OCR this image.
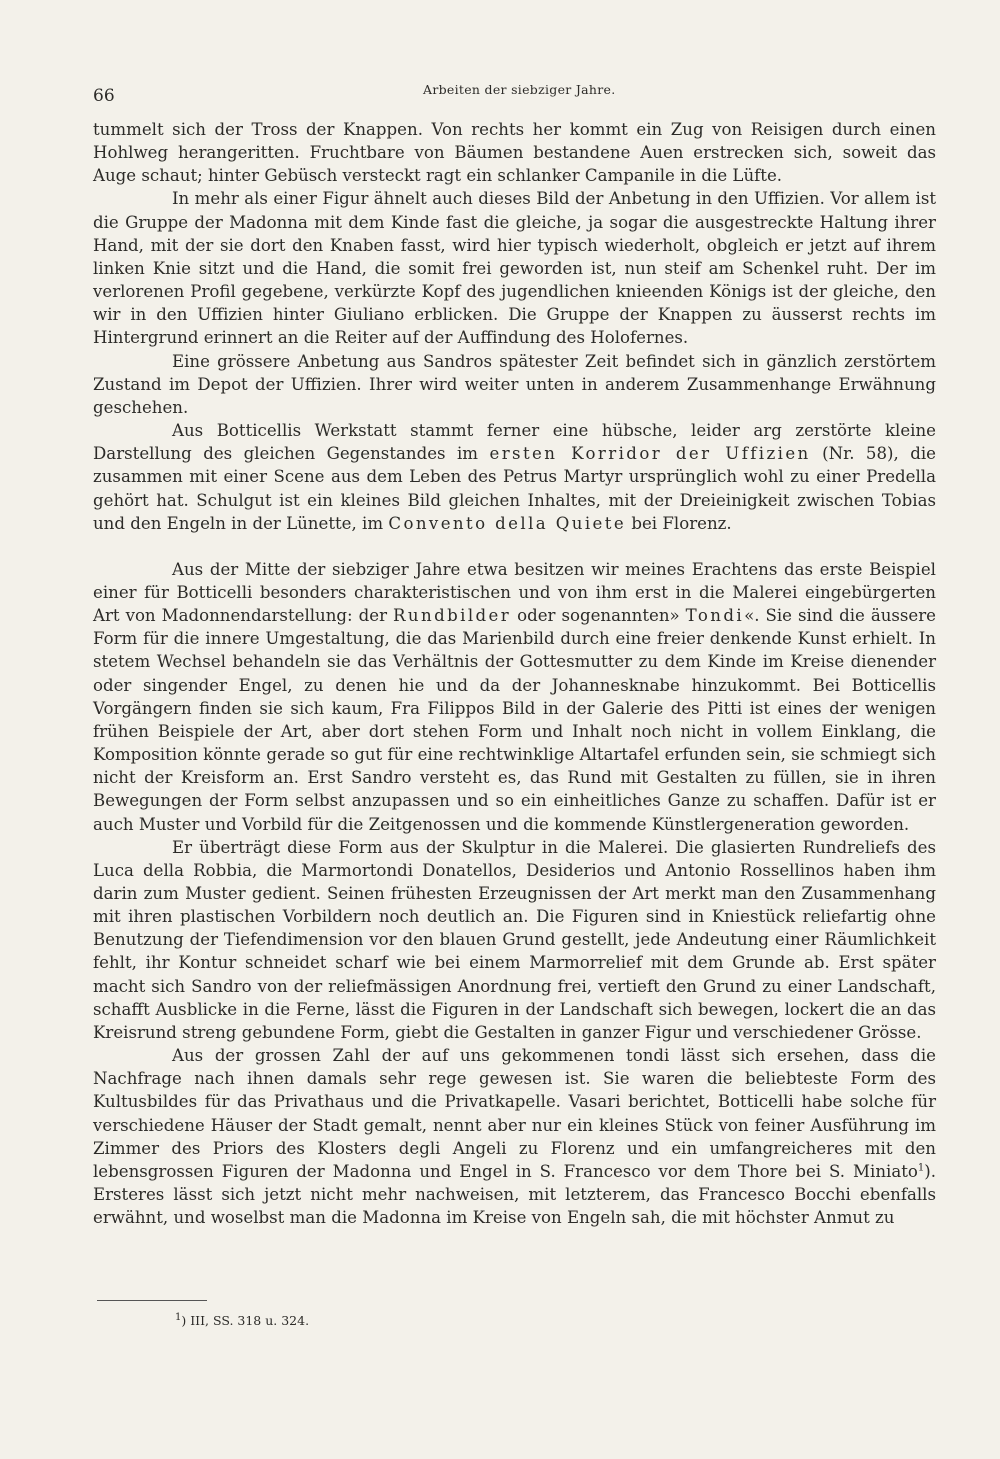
66	Arbeiten der siebziger Jahre.

tummelt sich der Tross der Knappen. Von rechts her kommt ein Zug von Reisigen durch einen Hohlweg herangeritten. Fruchtbare von Bäumen bestandene Auen erstrecken sich, soweit das Auge schaut; hinter Gebüsch versteckt ragt ein schlanker Campanile in die Lüfte.

In mehr als einer Figur ähnelt auch dieses Bild der Anbetung in den Uffizien. Vor allem ist die Gruppe der Madonna mit dem Kinde fast die gleiche, ja sogar die ausgestreckte Haltung ihrer Hand, mit der sie dort den Knaben fasst, wird hier typisch wiederholt, obgleich er jetzt auf ihrem linken Knie sitzt und die Hand, die somit frei geworden ist, nun steif am Schenkel ruht. Der im verlorenen Profil gegebene, verkürzte Kopf des jugendlichen knieenden Königs ist der gleiche, den wir in den Uffizien hinter Giuliano erblicken. Die Gruppe der Knappen zu äusserst rechts im Hintergrund erinnert an die Reiter auf der Auffindung des Holofernes.

Eine grössere Anbetung aus Sandros spätester Zeit befindet sich in gänzlich zerstörtem Zustand im Depot der Uffizien. Ihrer wird weiter unten in anderem Zusammenhange Erwähnung geschehen.

Aus Botticellis Werkstatt stammt ferner eine hübsche, leider arg zerstörte kleine Darstellung des gleichen Gegenstandes im ersten Korridor der Uffizien (Nr. 58), die zusammen mit einer Scene aus dem Leben des Petrus Martyr ursprünglich wohl zu einer Predella gehört hat. Schulgut ist ein kleines Bild gleichen Inhaltes, mit der Dreieinigkeit zwischen Tobias und den Engeln in der Lünette, im Convento della Quiete bei Florenz.

Aus der Mitte der siebziger Jahre etwa besitzen wir meines Erachtens das erste Beispiel einer für Botticelli besonders charakteristischen und von ihm erst in die Malerei eingebürgerten Art von Madonnendarstellung: der Rundbilder oder sogenannten» Tondi«. Sie sind die äussere Form für die innere Umgestaltung, die das Marienbild durch eine freier denkende Kunst erhielt. In stetem Wechsel behandeln sie das Verhältnis der Gottesmutter zu dem Kinde im Kreise dienender oder singender Engel, zu denen hie und da der Johannesknabe hinzukommt. Bei Botticellis Vorgängern finden sie sich kaum, Fra Filippos Bild in der Galerie des Pitti ist eines der wenigen frühen Beispiele der Art, aber dort stehen Form und Inhalt noch nicht in vollem Einklang, die Komposition könnte gerade so gut für eine rechtwinklige Altartafel erfunden sein, sie schmiegt sich nicht der Kreisform an. Erst Sandro versteht es, das Rund mit Gestalten zu füllen, sie in ihren Bewegungen der Form selbst anzupassen und so ein einheitliches Ganze zu schaffen. Dafür ist er auch Muster und Vorbild für die Zeitgenossen und die kommende Künstlergeneration geworden.

Er überträgt diese Form aus der Skulptur in die Malerei. Die glasierten Rundreliefs des Luca della Robbia, die Marmortondi Donatellos, Desiderios und Antonio Rossellinos haben ihm darin zum Muster gedient. Seinen frühesten Erzeugnissen der Art merkt man den Zusammenhang mit ihren plastischen Vorbildern noch deutlich an. Die Figuren sind in Kniestück reliefartig ohne Benutzung der Tiefendimension vor den blauen Grund gestellt, jede Andeutung einer Räumlichkeit fehlt, ihr Kontur schneidet scharf wie bei einem Marmorrelief mit dem Grunde ab. Erst später macht sich Sandro von der reliefmässigen Anordnung frei, vertieft den Grund zu einer Landschaft, schafft Ausblicke in die Ferne, lässt die Figuren in der Landschaft sich bewegen, lockert die an das Kreisrund streng gebundene Form, giebt die Gestalten in ganzer Figur und verschiedener Grösse.

Aus der grossen Zahl der auf uns gekommenen tondi lässt sich ersehen, dass die Nachfrage nach ihnen damals sehr rege gewesen ist. Sie waren die beliebteste Form des Kultusbildes für das Privathaus und die Privatkapelle. Vasari berichtet, Botticelli habe solche für verschiedene Häuser der Stadt gemalt, nennt aber nur ein kleines Stück von feiner Ausführung im Zimmer des Priors des Klosters degli Angeli zu Florenz und ein umfangreicheres mit den lebensgrossen Figuren der Madonna und Engel in S. Francesco vor dem Thore bei S. Miniato$^1$). Ersteres lässt sich jetzt nicht mehr nachweisen, mit letzterem, das Francesco Bocchi ebenfalls erwähnt, und woselbst man die Madonna im Kreise von Engeln sah, die mit höchster Anmut zu

$^1$) III, SS. 318 u. 324.
